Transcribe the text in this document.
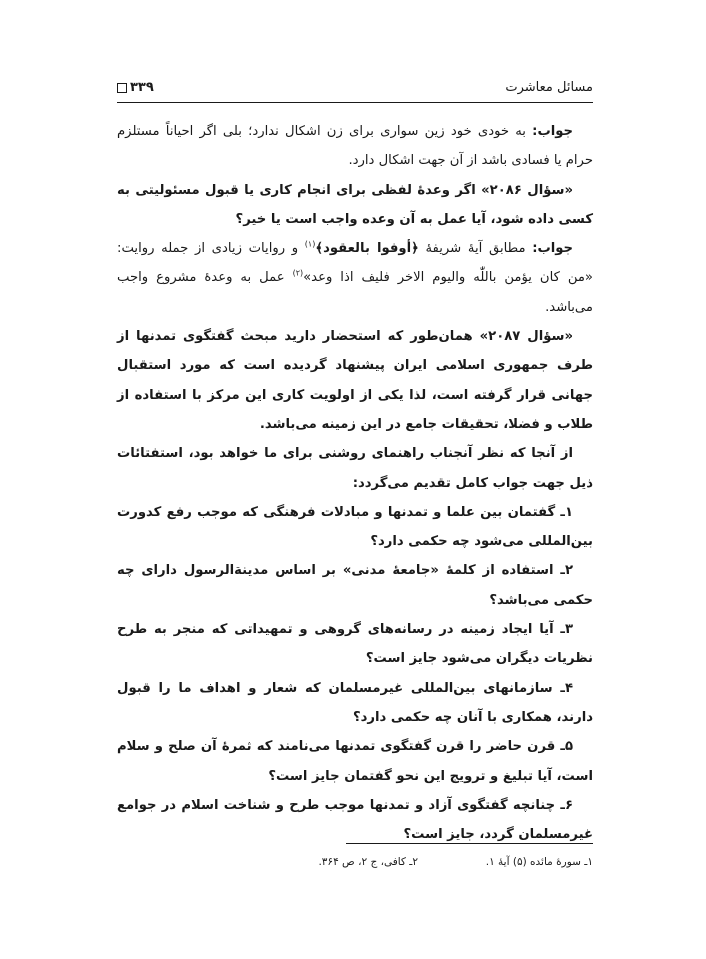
مسائل معاشرت
۳۳۹

جواب: به خودی خود زین سواری برای زن اشکال ندارد؛ بلی اگر احیاناً مستلزم حرام یا فسادی باشد از آن جهت اشکال دارد.

«سؤال ۲۰۸۶» اگر وعدهٔ لفظی برای انجام کاری یا قبول مسئولیتی به کسی داده شود، آیا عمل به آن وعده واجب است یا خیر؟

جواب: مطابق آیهٔ شریفهٔ ﴿أوفوا بالعقود﴾$^{(۱)}$ و روایات زیادی از جمله روایت: «من کان یؤمن باللّٰه والیوم الاخر فلیف اذا وعد»$^{(۲)}$ عمل به وعدهٔ مشروع واجب می‌باشد.

«سؤال ۲۰۸۷» همان‌طور که استحضار دارید مبحث گفتگوی تمدنها از طرف جمهوری اسلامی ایران پیشنهاد گردیده است که مورد استقبال جهانی قرار گرفته است، لذا یکی از اولویت کاری این مرکز با استفاده از طلاب و فضلا، تحقیقات جامع در این زمینه می‌باشد.

از آنجا که نظر آنجناب راهنمای روشنی برای ما خواهد بود، استفتائات ذیل جهت جواب کامل تقدیم می‌گردد:

۱ـ گفتمان بین علما و تمدنها و مبادلات فرهنگی که موجب رفع کدورت بین‌المللی می‌شود چه حکمی دارد؟

۲ـ استفاده از کلمهٔ «جامعهٔ مدنی» بر اساس مدینة‌الرسول دارای چه حکمی می‌باشد؟

۳ـ آیا ایجاد زمینه در رسانه‌های گروهی و تمهیداتی که منجر به طرح نظریات دیگران می‌شود جایز است؟

۴ـ سازمانهای بین‌المللی غیرمسلمان که شعار و اهداف ما را قبول دارند، همکاری با آنان چه حکمی دارد؟

۵ـ قرن حاضر را قرن گفتگوی تمدنها می‌نامند که ثمرهٔ آن صلح و سلام است، آیا تبلیغ و ترویج این نحو گفتمان جایز است؟

۶ـ چنانچه گفتگوی آزاد و تمدنها موجب طرح و شناخت اسلام در جوامع غیرمسلمان گردد، جایز است؟

۱ـ سورهٔ مائده (۵) آیهٔ ۱.
۲ـ کافی، ج ۲، ص ۳۶۴.
